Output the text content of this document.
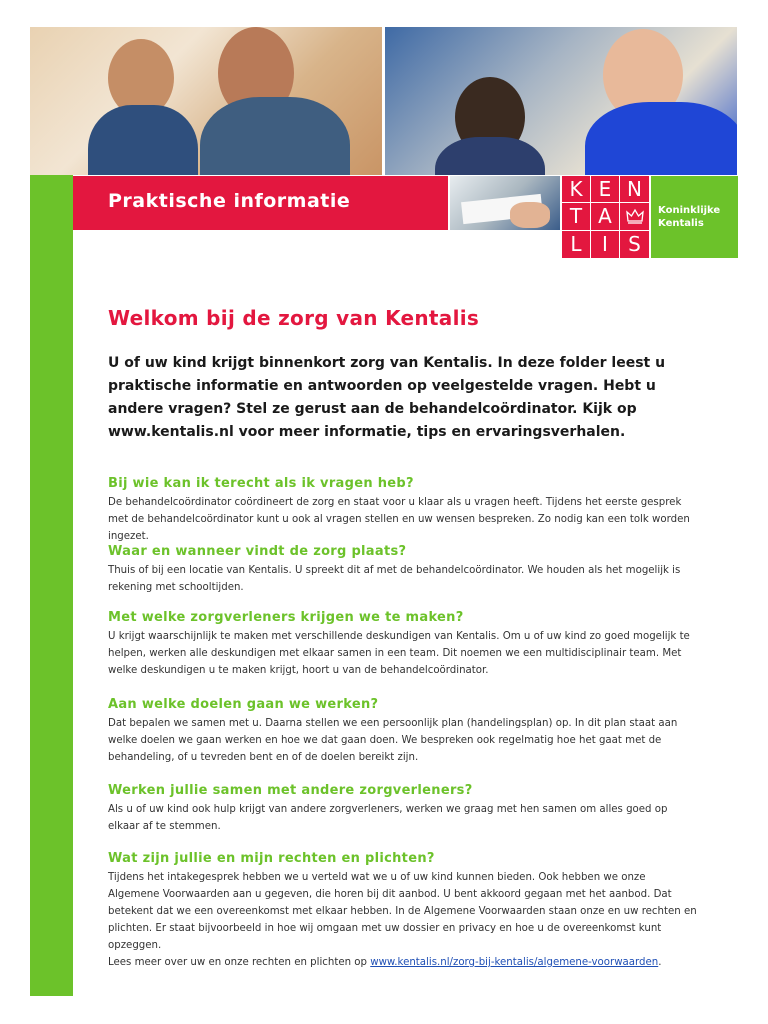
Praktische informatie	K E N
T A
L	I	S
Koninklijke
Kentalis
Welkom bij de zorg van Kentalis

U of uw kind krijgt binnenkort zorg van Kentalis. In deze folder leest u praktische informatie en antwoorden op veelgestelde vragen. Hebt u andere vragen? Stel ze gerust aan de behandelcoördinator. Kijk op www.kentalis.nl voor meer informatie, tips en ervaringsverhalen.

Bij wie kan ik terecht als ik vragen heb?

De behandelcoördinator coördineert de zorg en staat voor u klaar als u vragen heeft. Tijdens het eerste gesprek met de behandelcoördinator kunt u ook al vragen stellen en uw wensen bespreken. Zo nodig kan een tolk worden ingezet.

Waar en wanneer vindt de zorg plaats?

Thuis of bij een locatie van Kentalis. U spreekt dit af met de behandelcoördinator. We houden als het mogelijk is rekening met schooltijden.

Met welke zorgverleners krijgen we te maken?

U krijgt waarschijnlijk te maken met verschillende deskundigen van Kentalis. Om u of uw kind zo goed mogelijk te helpen, werken alle deskundigen met elkaar samen in een team. Dit noemen we een multidisciplinair team. Met welke deskundigen u te maken krijgt, hoort u van de behandelcoördinator.

Aan welke doelen gaan we werken?

Dat bepalen we samen met u. Daarna stellen we een persoonlijk plan (handelingsplan) op. In dit plan staat aan welke doelen we gaan werken en hoe we dat gaan doen. We bespreken ook regelmatig hoe het gaat met de behandeling, of u tevreden bent en of de doelen bereikt zijn.

Werken jullie samen met andere zorgverleners?

Als u of uw kind ook hulp krijgt van andere zorgverleners, werken we graag met hen samen om alles goed op elkaar af te stemmen.

Wat zijn jullie en mijn rechten en plichten?

Tijdens het intakegesprek hebben we u verteld wat we u of uw kind kunnen bieden. Ook hebben we onze Algemene Voorwaarden aan u gegeven, die horen bij dit aanbod. U bent akkoord gegaan met het aanbod. Dat betekent dat we een overeenkomst met elkaar hebben. In de Algemene Voorwaarden staan onze en uw rechten en plichten. Er staat bijvoorbeeld in hoe wij omgaan met uw dossier en privacy en hoe u de overeenkomst kunt opzeggen.

Lees meer over uw en onze rechten en plichten op www.kentalis.nl/zorg-bij-kentalis/algemene-voorwaarden.
